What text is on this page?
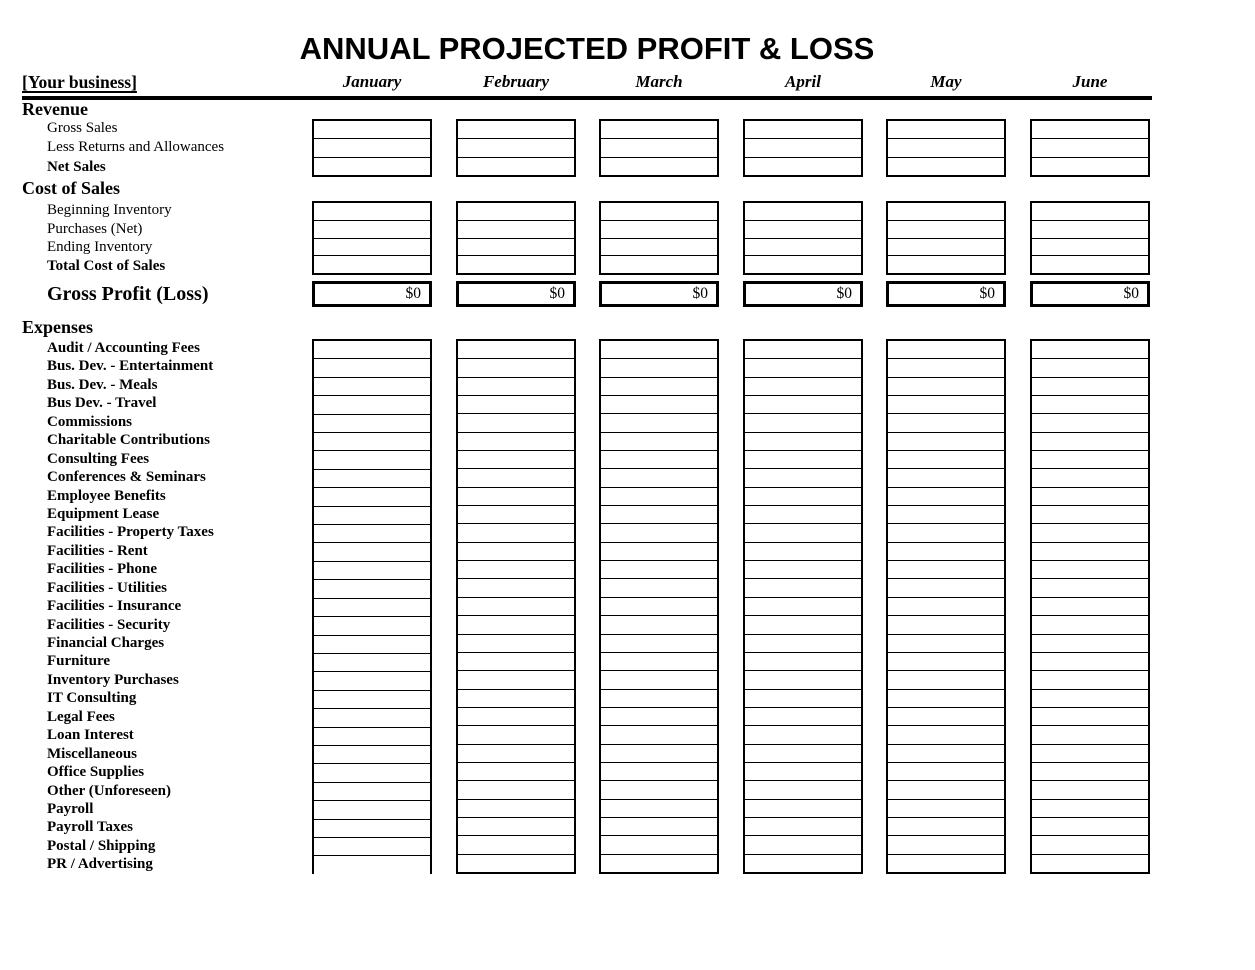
ANNUAL PROJECTED PROFIT & LOSS
[Your business]	January	February	March	April	May	June
Revenue
Gross Sales
Less Returns and Allowances
Net Sales
Cost of Sales
Beginning Inventory
Purchases (Net)
Ending Inventory
Total Cost of Sales
Gross Profit (Loss)	$0	$0	$0	$0	$0	$0
Expenses
Audit / Accounting Fees
Bus. Dev. - Entertainment
Bus. Dev. - Meals
Bus Dev. - Travel
Commissions
Charitable Contributions
Consulting Fees
Conferences & Seminars
Employee Benefits
Equipment Lease
Facilities - Property Taxes
Facilities - Rent
Facilities - Phone
Facilities - Utilities
Facilities - Insurance
Facilities - Security
Financial Charges
Furniture
Inventory Purchases
IT Consulting
Legal Fees
Loan Interest
Miscellaneous
Office Supplies
Other (Unforeseen)
Payroll
Payroll Taxes
Postal / Shipping
PR / Advertising
